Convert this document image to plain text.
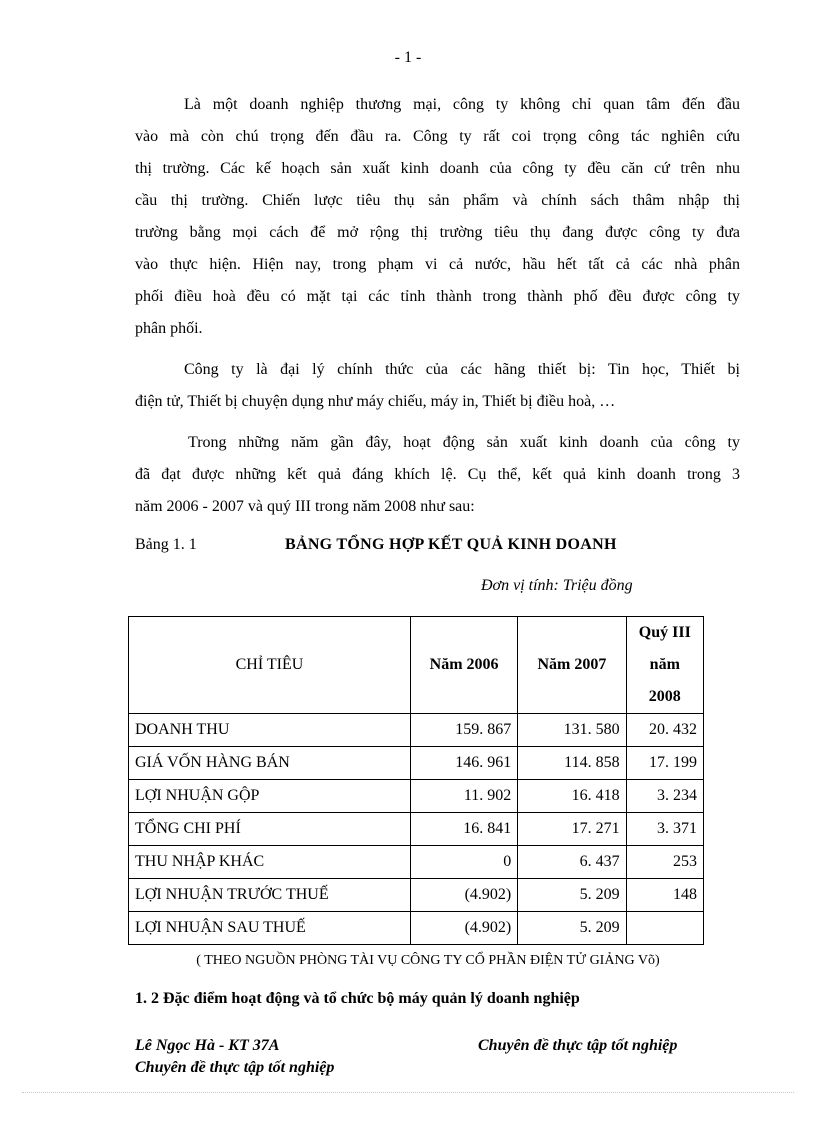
- 1 -
Là một doanh nghiệp thương mại, công ty không chỉ quan tâm đến đầu
vào mà còn chú trọng đến đầu ra. Công ty rất coi trọng công tác nghiên cứu
thị trường. Các kế hoạch sản xuất kinh doanh của công ty đều căn cứ trên nhu
cầu thị trường. Chiến lược tiêu thụ sản phẩm và chính sách thâm nhập thị
trường bằng mọi cách để mở rộng thị trường tiêu thụ đang được công ty đưa
vào thực hiện. Hiện nay, trong phạm vi cả nước, hầu hết tất cả các nhà phân
phối điều hoà đều có mặt tại các tỉnh thành trong thành phố đều được công ty
phân phối.
Công ty là đại lý chính thức của các hãng thiết bị: Tin học, Thiết bị
điện tử, Thiết bị chuyện dụng như máy chiếu, máy in, Thiết bị điều hoà, …
Trong những năm gần đây, hoạt động sản xuất kinh doanh của công ty
đã đạt được những kết quả đáng khích lệ. Cụ thể, kết quả kinh doanh trong 3
năm 2006 - 2007 và quý III trong năm 2008 như sau:
Bảng 1. 1	BẢNG TỔNG HỢP KẾT QUẢ KINH DOANH
Đơn vị tính: Triệu đồng
CHỈ TIÊU	Năm 2006	Năm 2007	Quý III
năm
2008

DOANH THU	159. 867	131. 580	20. 432
GIÁ VỐN HÀNG BÁN	146. 961	114. 858	17. 199
LỢI NHUẬN GỘP	11. 902	16. 418	3. 234
TỔNG CHI PHÍ	16. 841	17. 271	3. 371
THU NHẬP KHÁC	0	6. 437	253
LỢI NHUẬN TRƯỚC THUẾ	(4.902)	5. 209	148
LỢI NHUẬN SAU THUẾ	(4.902)	5. 209	
( THEO NGUỒN PHÒNG TÀI VỤ CÔNG TY CỔ PHẦN ĐIỆN TỬ GIẢNG Võ)
1. 2 Đặc điểm hoạt động và tổ chức bộ máy quản lý doanh nghiệp
Lê Ngọc Hà - KT 37A
Chuyên đề thực tập tốt nghiệp
Chuyên đề thực tập tốt nghiệp
